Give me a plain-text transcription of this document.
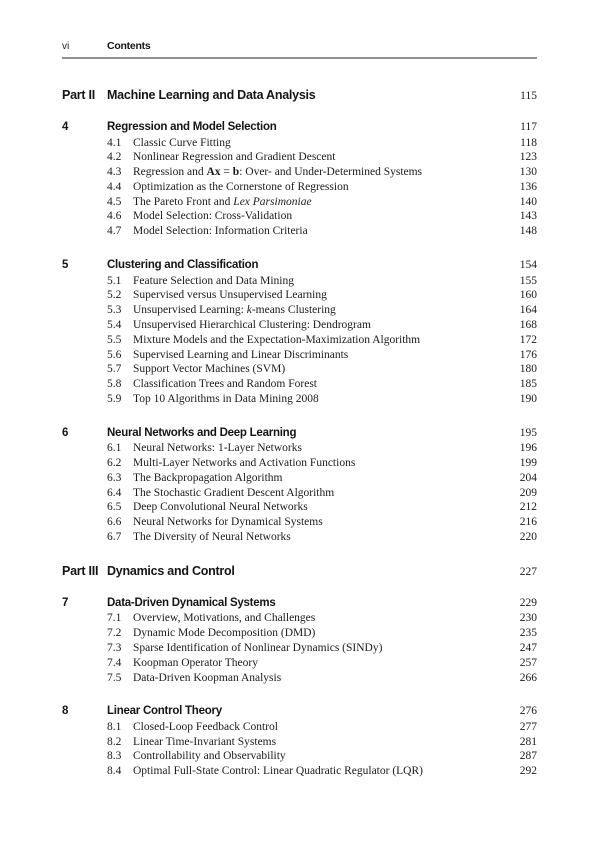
vi	Contents
Part II Machine Learning and Data Analysis	115
4	Regression and Model Selection	117
4.1	Classic Curve Fitting	118
4.2	Nonlinear Regression and Gradient Descent	123
4.3	Regression and Ax = b: Over- and Under-Determined Systems	130
4.4	Optimization as the Cornerstone of Regression	136
4.5	The Pareto Front and Lex Parsimoniae	140
4.6	Model Selection: Cross-Validation	143
4.7	Model Selection: Information Criteria	148
5	Clustering and Classification	154
5.1	Feature Selection and Data Mining	155
5.2	Supervised versus Unsupervised Learning	160
5.3	Unsupervised Learning: k-means Clustering	164
5.4	Unsupervised Hierarchical Clustering: Dendrogram	168
5.5	Mixture Models and the Expectation-Maximization Algorithm	172
5.6	Supervised Learning and Linear Discriminants	176
5.7	Support Vector Machines (SVM)	180
5.8	Classification Trees and Random Forest	185
5.9	Top 10 Algorithms in Data Mining 2008	190
6	Neural Networks and Deep Learning	195
6.1	Neural Networks: 1-Layer Networks	196
6.2	Multi-Layer Networks and Activation Functions	199
6.3	The Backpropagation Algorithm	204
6.4	The Stochastic Gradient Descent Algorithm	209
6.5	Deep Convolutional Neural Networks	212
6.6	Neural Networks for Dynamical Systems	216
6.7	The Diversity of Neural Networks	220
Part III Dynamics and Control	227
7	Data-Driven Dynamical Systems	229
7.1	Overview, Motivations, and Challenges	230
7.2	Dynamic Mode Decomposition (DMD)	235
7.3	Sparse Identification of Nonlinear Dynamics (SINDy)	247
7.4	Koopman Operator Theory	257
7.5	Data-Driven Koopman Analysis	266
8	Linear Control Theory	276
8.1	Closed-Loop Feedback Control	277
8.2	Linear Time-Invariant Systems	281
8.3	Controllability and Observability	287
8.4	Optimal Full-State Control: Linear Quadratic Regulator (LQR)	292
